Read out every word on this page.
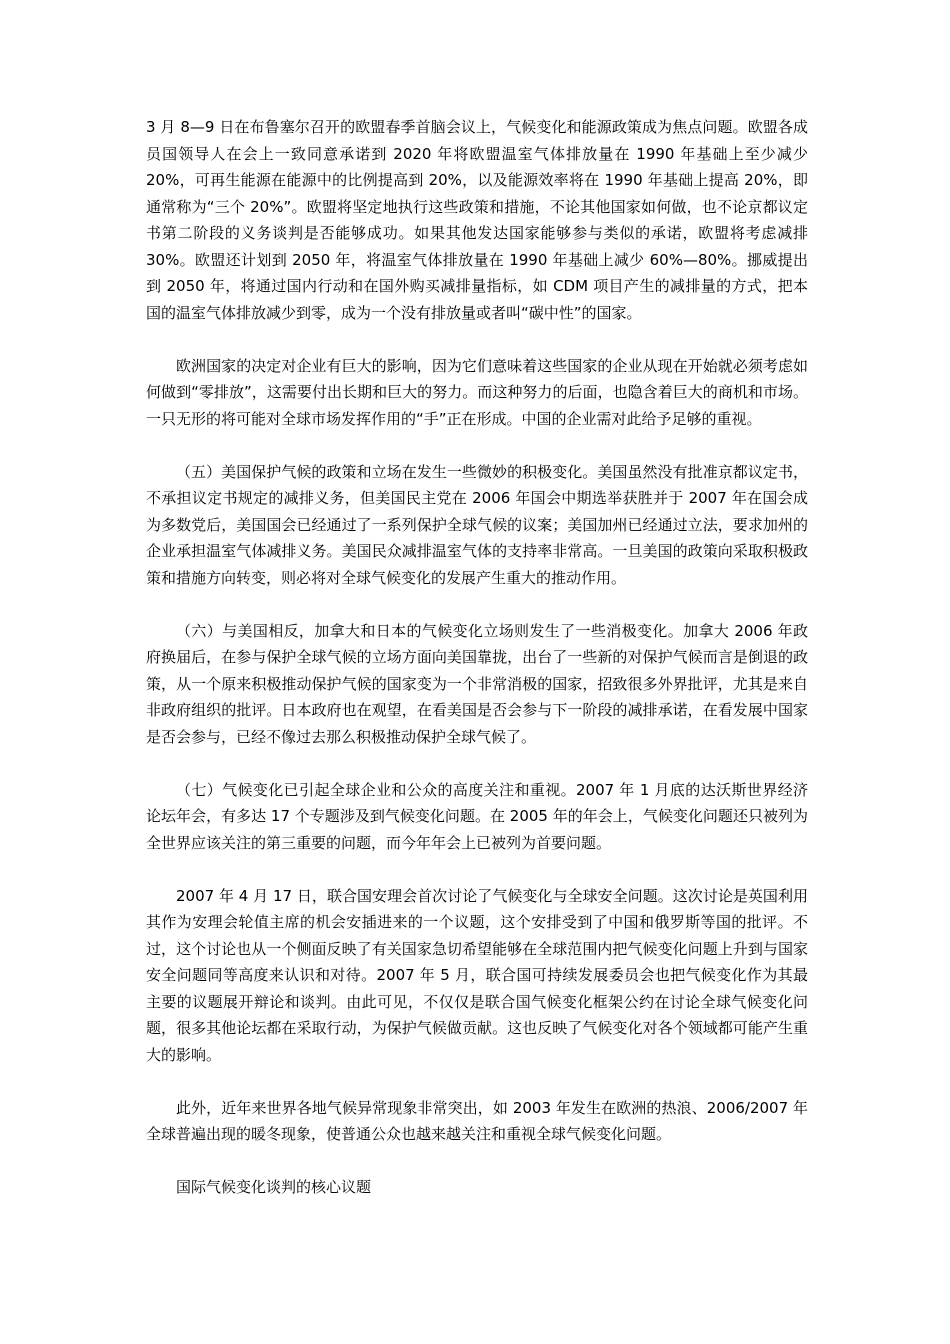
3 月 8—9 日在布鲁塞尔召开的欧盟春季首脑会议上，气候变化和能源政策成为焦点问题。欧盟各成员国领导人在会上一致同意承诺到 2020 年将欧盟温室气体排放量在 1990 年基础上至少减少 20%，可再生能源在能源中的比例提高到 20%，以及能源效率将在 1990 年基础上提高 20%，即通常称为“三个 20%”。欧盟将坚定地执行这些政策和措施，不论其他国家如何做，也不论京都议定书第二阶段的义务谈判是否能够成功。如果其他发达国家能够参与类似的承诺，欧盟将考虑减排 30%。欧盟还计划到 2050 年，将温室气体排放量在 1990 年基础上减少 60%—80%。挪威提出到 2050 年，将通过国内行动和在国外购买减排量指标，如 CDM 项目产生的减排量的方式，把本国的温室气体排放减少到零，成为一个没有排放量或者叫“碳中性”的国家。

欧洲国家的决定对企业有巨大的影响，因为它们意味着这些国家的企业从现在开始就必须考虑如何做到“零排放”，这需要付出长期和巨大的努力。而这种努力的后面，也隐含着巨大的商机和市场。一只无形的将可能对全球市场发挥作用的“手”正在形成。中国的企业需对此给予足够的重视。

（五）美国保护气候的政策和立场在发生一些微妙的积极变化。美国虽然没有批准京都议定书，不承担议定书规定的减排义务，但美国民主党在 2006 年国会中期选举获胜并于 2007 年在国会成为多数党后，美国国会已经通过了一系列保护全球气候的议案；美国加州已经通过立法，要求加州的企业承担温室气体减排义务。美国民众减排温室气体的支持率非常高。一旦美国的政策向采取积极政策和措施方向转变，则必将对全球气候变化的发展产生重大的推动作用。

（六）与美国相反，加拿大和日本的气候变化立场则发生了一些消极变化。加拿大 2006 年政府换届后，在参与保护全球气候的立场方面向美国靠拢，出台了一些新的对保护气候而言是倒退的政策，从一个原来积极推动保护气候的国家变为一个非常消极的国家，招致很多外界批评，尤其是来自非政府组织的批评。日本政府也在观望，在看美国是否会参与下一阶段的减排承诺，在看发展中国家是否会参与，已经不像过去那么积极推动保护全球气候了。

（七）气候变化已引起全球企业和公众的高度关注和重视。2007 年 1 月底的达沃斯世界经济论坛年会，有多达 17 个专题涉及到气候变化问题。在 2005 年的年会上，气候变化问题还只被列为全世界应该关注的第三重要的问题，而今年年会上已被列为首要问题。

2007 年 4 月 17 日，联合国安理会首次讨论了气候变化与全球安全问题。这次讨论是英国利用其作为安理会轮值主席的机会安插进来的一个议题，这个安排受到了中国和俄罗斯等国的批评。不过，这个讨论也从一个侧面反映了有关国家急切希望能够在全球范围内把气候变化问题上升到与国家安全问题同等高度来认识和对待。2007 年 5 月，联合国可持续发展委员会也把气候变化作为其最主要的议题展开辩论和谈判。由此可见，不仅仅是联合国气候变化框架公约在讨论全球气候变化问题，很多其他论坛都在采取行动，为保护气候做贡献。这也反映了气候变化对各个领域都可能产生重大的影响。

此外，近年来世界各地气候异常现象非常突出，如 2003 年发生在欧洲的热浪、2006/2007 年全球普遍出现的暖冬现象，使普通公众也越来越关注和重视全球气候变化问题。

国际气候变化谈判的核心议题
